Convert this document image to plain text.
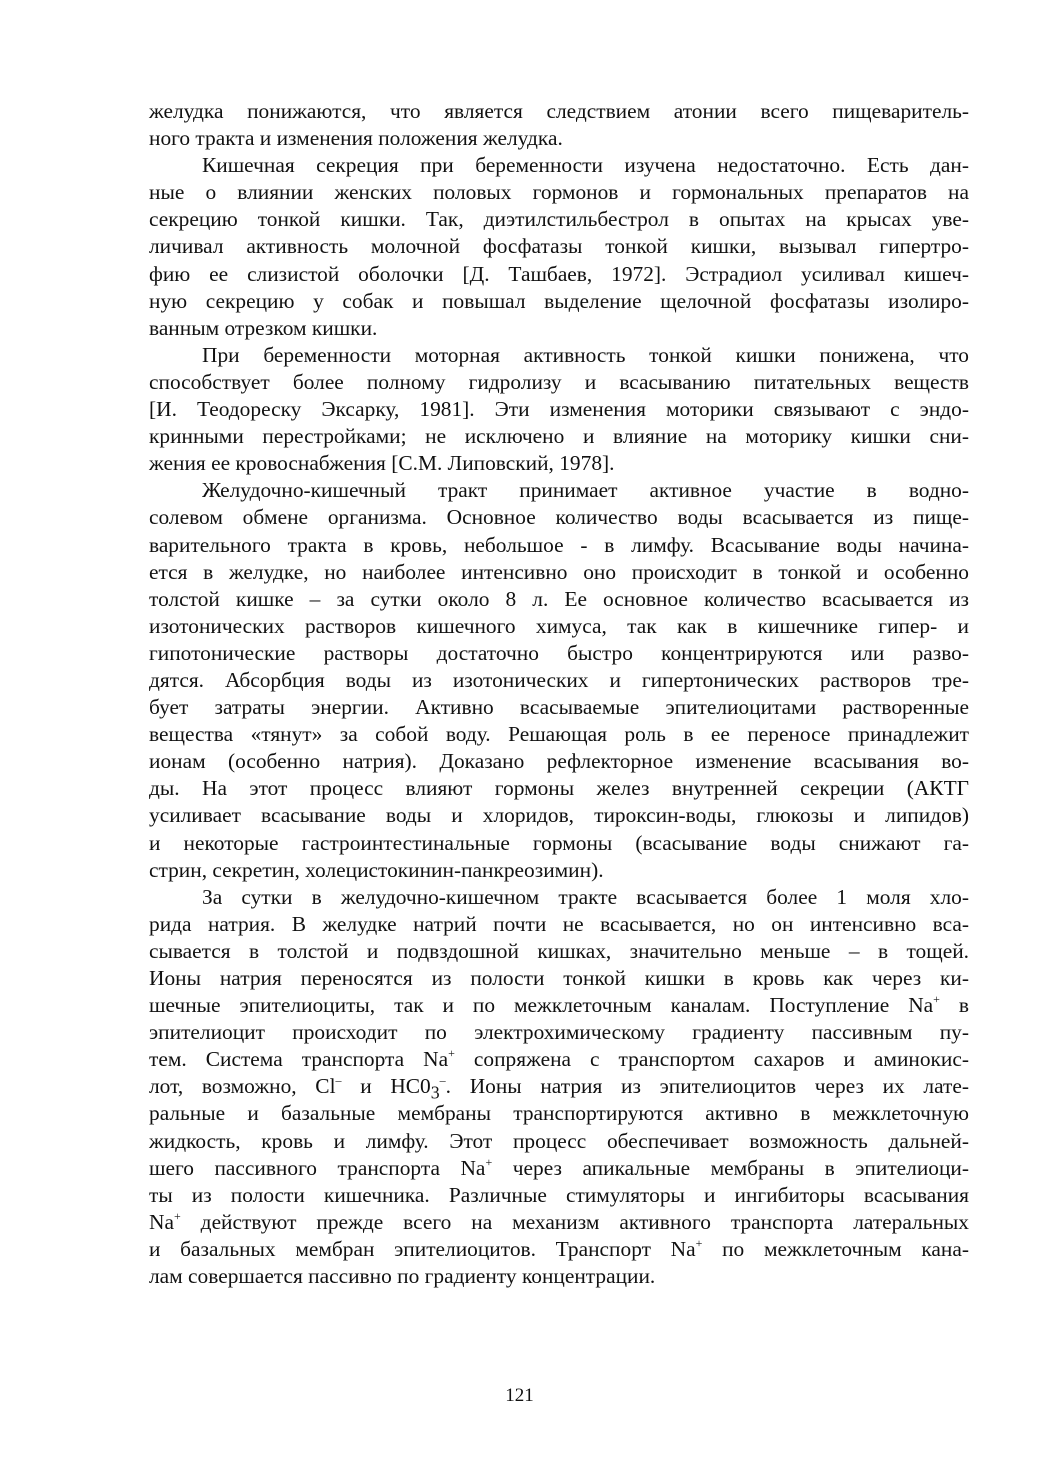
желудка понижаются, что является следствием атонии всего пищеваритель-
ного тракта и изменения положения желудка.
Кишечная секреция при беременности изучена недостаточно. Есть дан-
ные о влиянии женских половых гормонов и гормональных препаратов на
секрецию тонкой кишки. Так, диэтилстильбестрол в опытах на крысах уве-
личивал активность молочной фосфатазы тонкой кишки, вызывал гипертро-
фию ее слизистой оболочки [Д. Ташбаев, 1972]. Эстрадиол усиливал кишеч-
ную секрецию у собак и повышал выделение щелочной фосфатазы изолиро-
ванным отрезком кишки.
При беременности моторная активность тонкой кишки понижена, что
способствует более полному гидролизу и всасыванию питательных веществ
[И. Теодореску Эксарку, 1981]. Эти изменения моторики связывают с эндо-
кринными перестройками; не исключено и влияние на моторику кишки сни-
жения ее кровоснабжения [С.М. Липовский, 1978].
Желудочно-кишечный тракт принимает активное участие в водно-
солевом обмене организма. Основное количество воды всасывается из пище-
варительного тракта в кровь, небольшое - в лимфу. Всасывание воды начина-
ется в желудке, но наиболее интенсивно оно происходит в тонкой и особенно
толстой кишке – за сутки около 8 л. Ее основное количество всасывается из
изотонических растворов кишечного химуса, так как в кишечнике гипер- и
гипотонические растворы достаточно быстро концентрируются или разво-
дятся. Абсорбция воды из изотонических и гипертонических растворов тре-
бует затраты энергии. Активно всасываемые эпителиоцитами растворенные
вещества «тянут» за собой воду. Решающая роль в ее переносе принадлежит
ионам (особенно натрия). Доказано рефлекторное изменение всасывания во-
ды. На этот процесс влияют гормоны желез внутренней секреции (АКТГ
усиливает всасывание воды и хлоридов, тироксин-воды, глюкозы и липидов)
и некоторые гастроинтестинальные гормоны (всасывание воды снижают га-
стрин, секретин, холецистокинин-панкреозимин).
За сутки в желудочно-кишечном тракте всасывается более 1 моля хло-
рида натрия. В желудке натрий почти не всасывается, но он интенсивно вса-
сывается в толстой и подвздошной кишках, значительно меньше – в тощей.
Ионы натрия переносятся из полости тонкой кишки в кровь как через ки-
шечные эпителиоциты, так и по межклеточным каналам. Поступление Na+ в
эпителиоцит происходит по электрохимическому градиенту пассивным пу-
тем. Система транспорта Na+ сопряжена с транспортом сахаров и аминокис-
лот, возможно, Cl– и $HC0_3^-$. Ионы натрия из эпителиоцитов через их лате-
ральные и базальные мембраны транспортируются активно в межклеточную
жидкость, кровь и лимфу. Этот процесс обеспечивает возможность дальней-
шего пассивного транспорта Na+ через апикальные мембраны в эпителиоци-
ты из полости кишечника. Различные стимуляторы и ингибиторы всасывания
Na+ действуют прежде всего на механизм активного транспорта латеральных
и базальных мембран эпителиоцитов. Транспорт Na+ по межклеточным кана-
лам совершается пассивно по градиенту концентрации.
121
